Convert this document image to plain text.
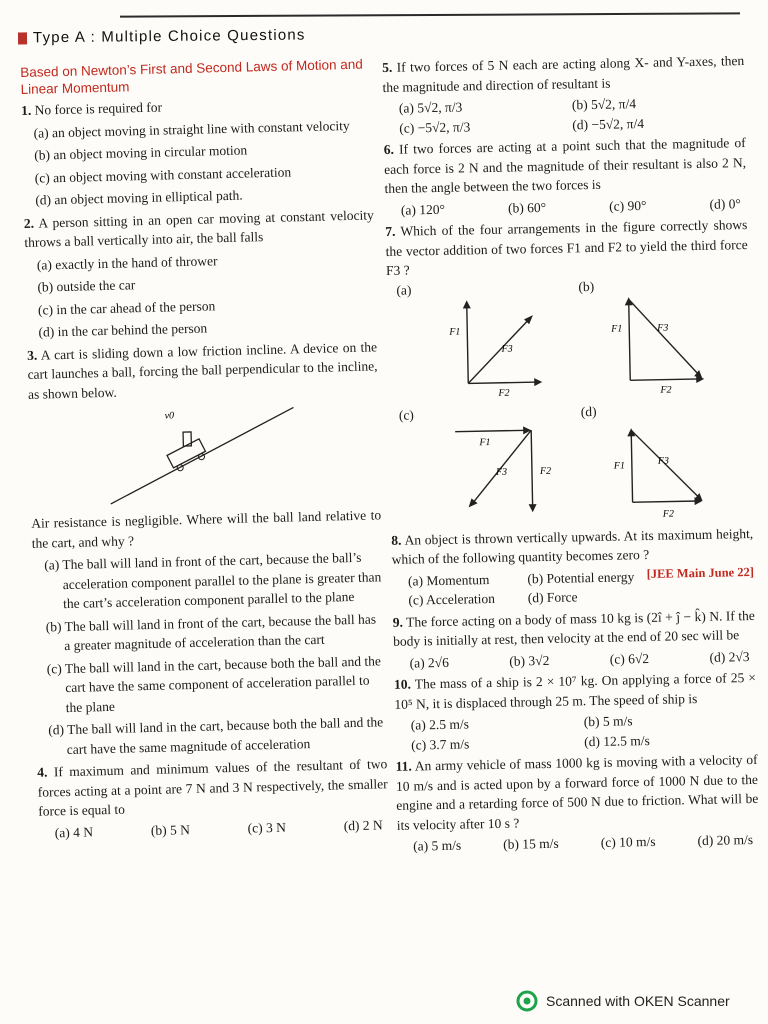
Type A : Multiple Choice Questions
Based on Newton’s First and Second Laws of Motion and Linear Momentum
1. No force is required for
(a) an object moving in straight line with constant velocity
(b) an object moving in circular motion
(c) an object moving with constant acceleration
(d) an object moving in elliptical path.
2. A person sitting in an open car moving at constant velocity throws a ball vertically into air, the ball falls
(a) exactly in the hand of thrower
(b) outside the car
(c) in the car ahead of the person
(d) in the car behind the person
3. A cart is sliding down a low friction incline. A device on the cart launches a ball, forcing the ball perpendicular to the incline, as shown below.
v0
Air resistance is negligible. Where will the ball land relative to the cart, and why ?
(a) The ball will land in front of the cart, because the ball’s acceleration component parallel to the plane is greater than the cart’s acceleration component parallel to the plane
(b) The ball will land in front of the cart, because the ball has a greater magnitude of acceleration than the cart
(c) The ball will land in the cart, because both the ball and the cart have the same component of acceleration parallel to the plane
(d) The ball will land in the cart, because both the ball and the cart have the same magnitude of acceleration
4. If maximum and minimum values of the resultant of two forces acting at a point are 7 N and 3 N respectively, the smaller force is equal to
(a) 4 N	(b) 5 N	(c) 3 N	(d) 2 N
5. If two forces of 5 N each are acting along X- and Y-axes, then the magnitude and direction of resultant is
(a) 5√2, π/3	(b) 5√2, π/4
(c) −5√2, π/3	(d) −5√2, π/4
6. If two forces are acting at a point such that the magnitude of each force is 2 N and the magnitude of their resultant is also 2 N, then the angle between the two forces is
(a) 120°	(b) 60°	(c) 90°	(d) 0°
7. Which of the four arrangements in the figure correctly shows the vector addition of two forces F1 and F2 to yield the third force F3 ?
(a)
F1
F3
F2
(b)
F1	F3
F2
(c)
F1
F3	F2
(d)
F1	F3
F2
8. An object is thrown vertically upwards. At its maximum height, which of the following quantity becomes zero ?
[JEE Main June 22]
(a) Momentum	(b) Potential energy
(c) Acceleration	(d) Force
9. The force acting on a body of mass 10 kg is (2î + ĵ − k̂) N. If the body is initially at rest, then velocity at the end of 20 sec will be
(a) 2√6	(b) 3√2	(c) 6√2	(d) 2√3
10. The mass of a ship is 2 × 10⁷ kg. On applying a force of 25 × 10⁵ N, it is displaced through 25 m. The speed of ship is
(a) 2.5 m/s	(b) 5 m/s
(c) 3.7 m/s	(d) 12.5 m/s
11. An army vehicle of mass 1000 kg is moving with a velocity of 10 m/s and is acted upon by a forward force of 1000 N due to the engine and a retarding force of 500 N due to friction. What will be its velocity after 10 s ?
(a) 5 m/s	(b) 15 m/s	(c) 10 m/s	(d) 20 m/s
Scanned with OKEN Scanner
